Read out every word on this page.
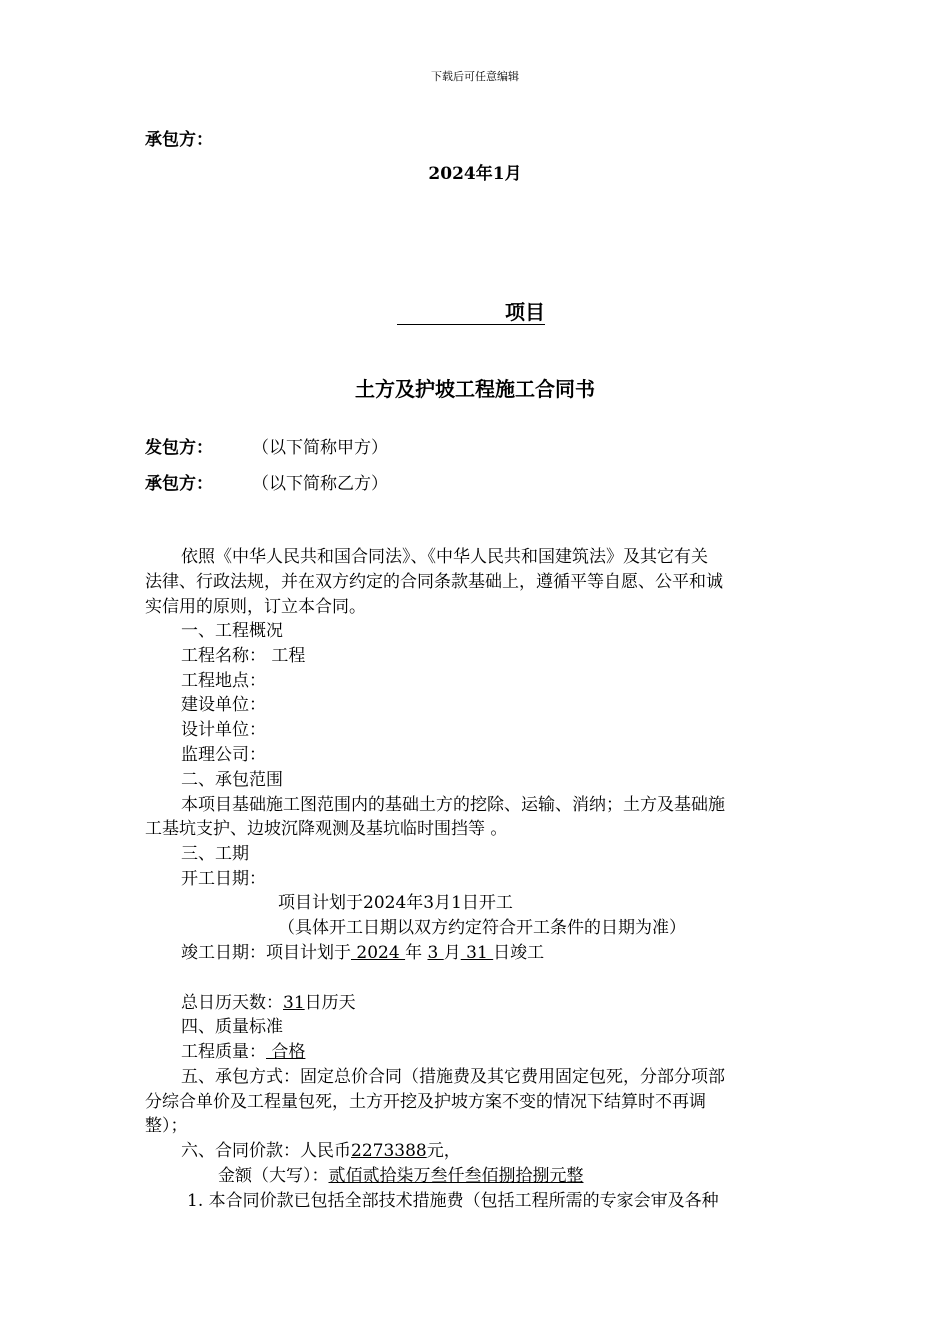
下载后可任意编辑
承包方：
2024年1月
项目
土方及护坡工程施工合同书
发包方： （以下简称甲方）
承包方： （以下简称乙方）
依照《中华人民共和国合同法》、《中华人民共和国建筑法》及其它有关
法律、行政法规，并在双方约定的合同条款基础上，遵循平等自愿、公平和诚
实信用的原则，订立本合同。
一、工程概况
工程名称： 工程
工程地点：
建设单位：
设计单位：
监理公司：
二、承包范围
本项目基础施工图范围内的基础土方的挖除、运输、消纳；土方及基础施
工基坑支护、边坡沉降观测及基坑临时围挡等 。
三、工期
开工日期：
项目计划于2024年3月1日开工
（具体开工日期以双方约定符合开工条件的日期为准）
竣工日期：项目计划于 2024 年 3 月 31 日竣工
总日历天数：31日历天
四、质量标准
工程质量： 合格
五、承包方式：固定总价合同（措施费及其它费用固定包死，分部分项部
分综合单价及工程量包死，土方开挖及护坡方案不变的情况下结算时不再调
整）；
六、合同价款：人民币2273388元，
金额（大写）：贰佰贰拾柒万叁仟叁佰捌拾捌元整
1. 本合同价款已包括全部技术措施费（包括工程所需的专家会审及各种
